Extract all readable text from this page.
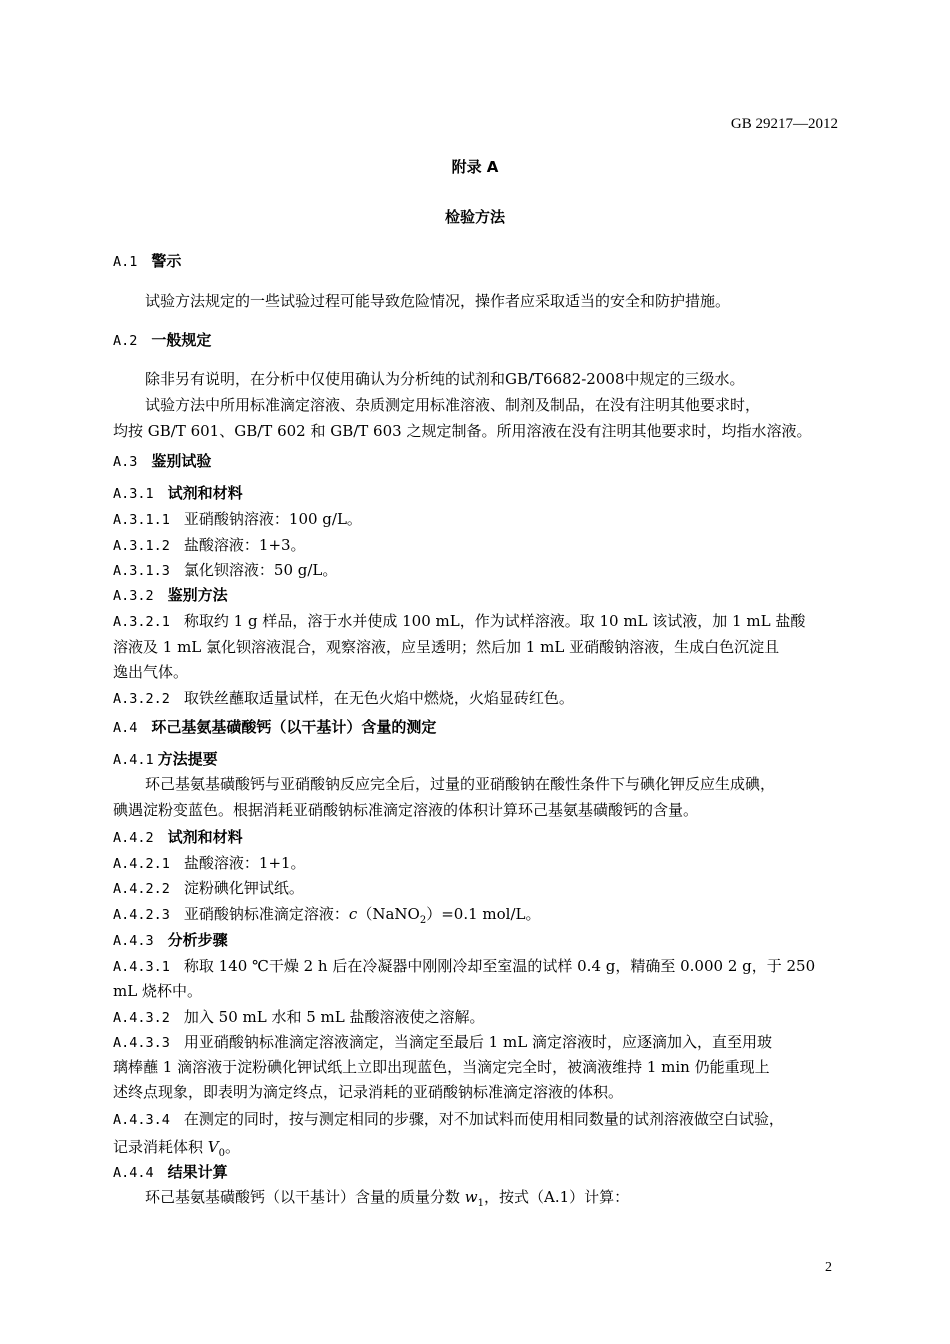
GB 29217—2012
附录 A
检验方法
A.1 警示
试验方法规定的一些试验过程可能导致危险情况，操作者应采取适当的安全和防护措施。
A.2 一般规定
除非另有说明，在分析中仅使用确认为分析纯的试剂和GB/T6682-2008中规定的三级水。
试验方法中所用标准滴定溶液、杂质测定用标准溶液、制剂及制品，在没有注明其他要求时，
均按 GB/T 601、GB/T 602 和 GB/T 603 之规定制备。所用溶液在没有注明其他要求时，均指水溶液。
A.3 鉴别试验
A.3.1 试剂和材料
A.3.1.1 亚硝酸钠溶液：100 g/L。
A.3.1.2 盐酸溶液：1+3。
A.3.1.3 氯化钡溶液：50 g/L。
A.3.2 鉴别方法
A.3.2.1 称取约 1 g 样品，溶于水并使成 100 mL，作为试样溶液。取 10 mL 该试液，加 1 mL 盐酸
溶液及 1 mL 氯化钡溶液混合，观察溶液，应呈透明；然后加 1 mL 亚硝酸钠溶液，生成白色沉淀且
逸出气体。
A.3.2.2 取铁丝蘸取适量试样，在无色火焰中燃烧，火焰显砖红色。
A.4 环己基氨基磺酸钙（以干基计）含量的测定
A.4.1 方法提要
环己基氨基磺酸钙与亚硝酸钠反应完全后，过量的亚硝酸钠在酸性条件下与碘化钾反应生成碘，
碘遇淀粉变蓝色。根据消耗亚硝酸钠标准滴定溶液的体积计算环己基氨基磺酸钙的含量。
A.4.2 试剂和材料
A.4.2.1 盐酸溶液：1+1。
A.4.2.2 淀粉碘化钾试纸。
A.4.2.3 亚硝酸钠标准滴定溶液：c（NaNO$_2$）=0.1 mol/L。
A.4.3 分析步骤
A.4.3.1 称取 140 ℃干燥 2 h 后在冷凝器中刚刚冷却至室温的试样 0.4 g，精确至 0.000 2 g，于 250
mL 烧杯中。
A.4.3.2 加入 50 mL 水和 5 mL 盐酸溶液使之溶解。
A.4.3.3 用亚硝酸钠标准滴定溶液滴定，当滴定至最后 1 mL 滴定溶液时，应逐滴加入，直至用玻
璃棒蘸 1 滴溶液于淀粉碘化钾试纸上立即出现蓝色，当滴定完全时，被滴液维持 1 min 仍能重现上
述终点现象，即表明为滴定终点，记录消耗的亚硝酸钠标准滴定溶液的体积。
A.4.3.4 在测定的同时，按与测定相同的步骤，对不加试料而使用相同数量的试剂溶液做空白试验，
记录消耗体积 $V_0$。
A.4.4 结果计算
环己基氨基磺酸钙（以干基计）含量的质量分数 $w_1$，按式（A.1）计算：
2
